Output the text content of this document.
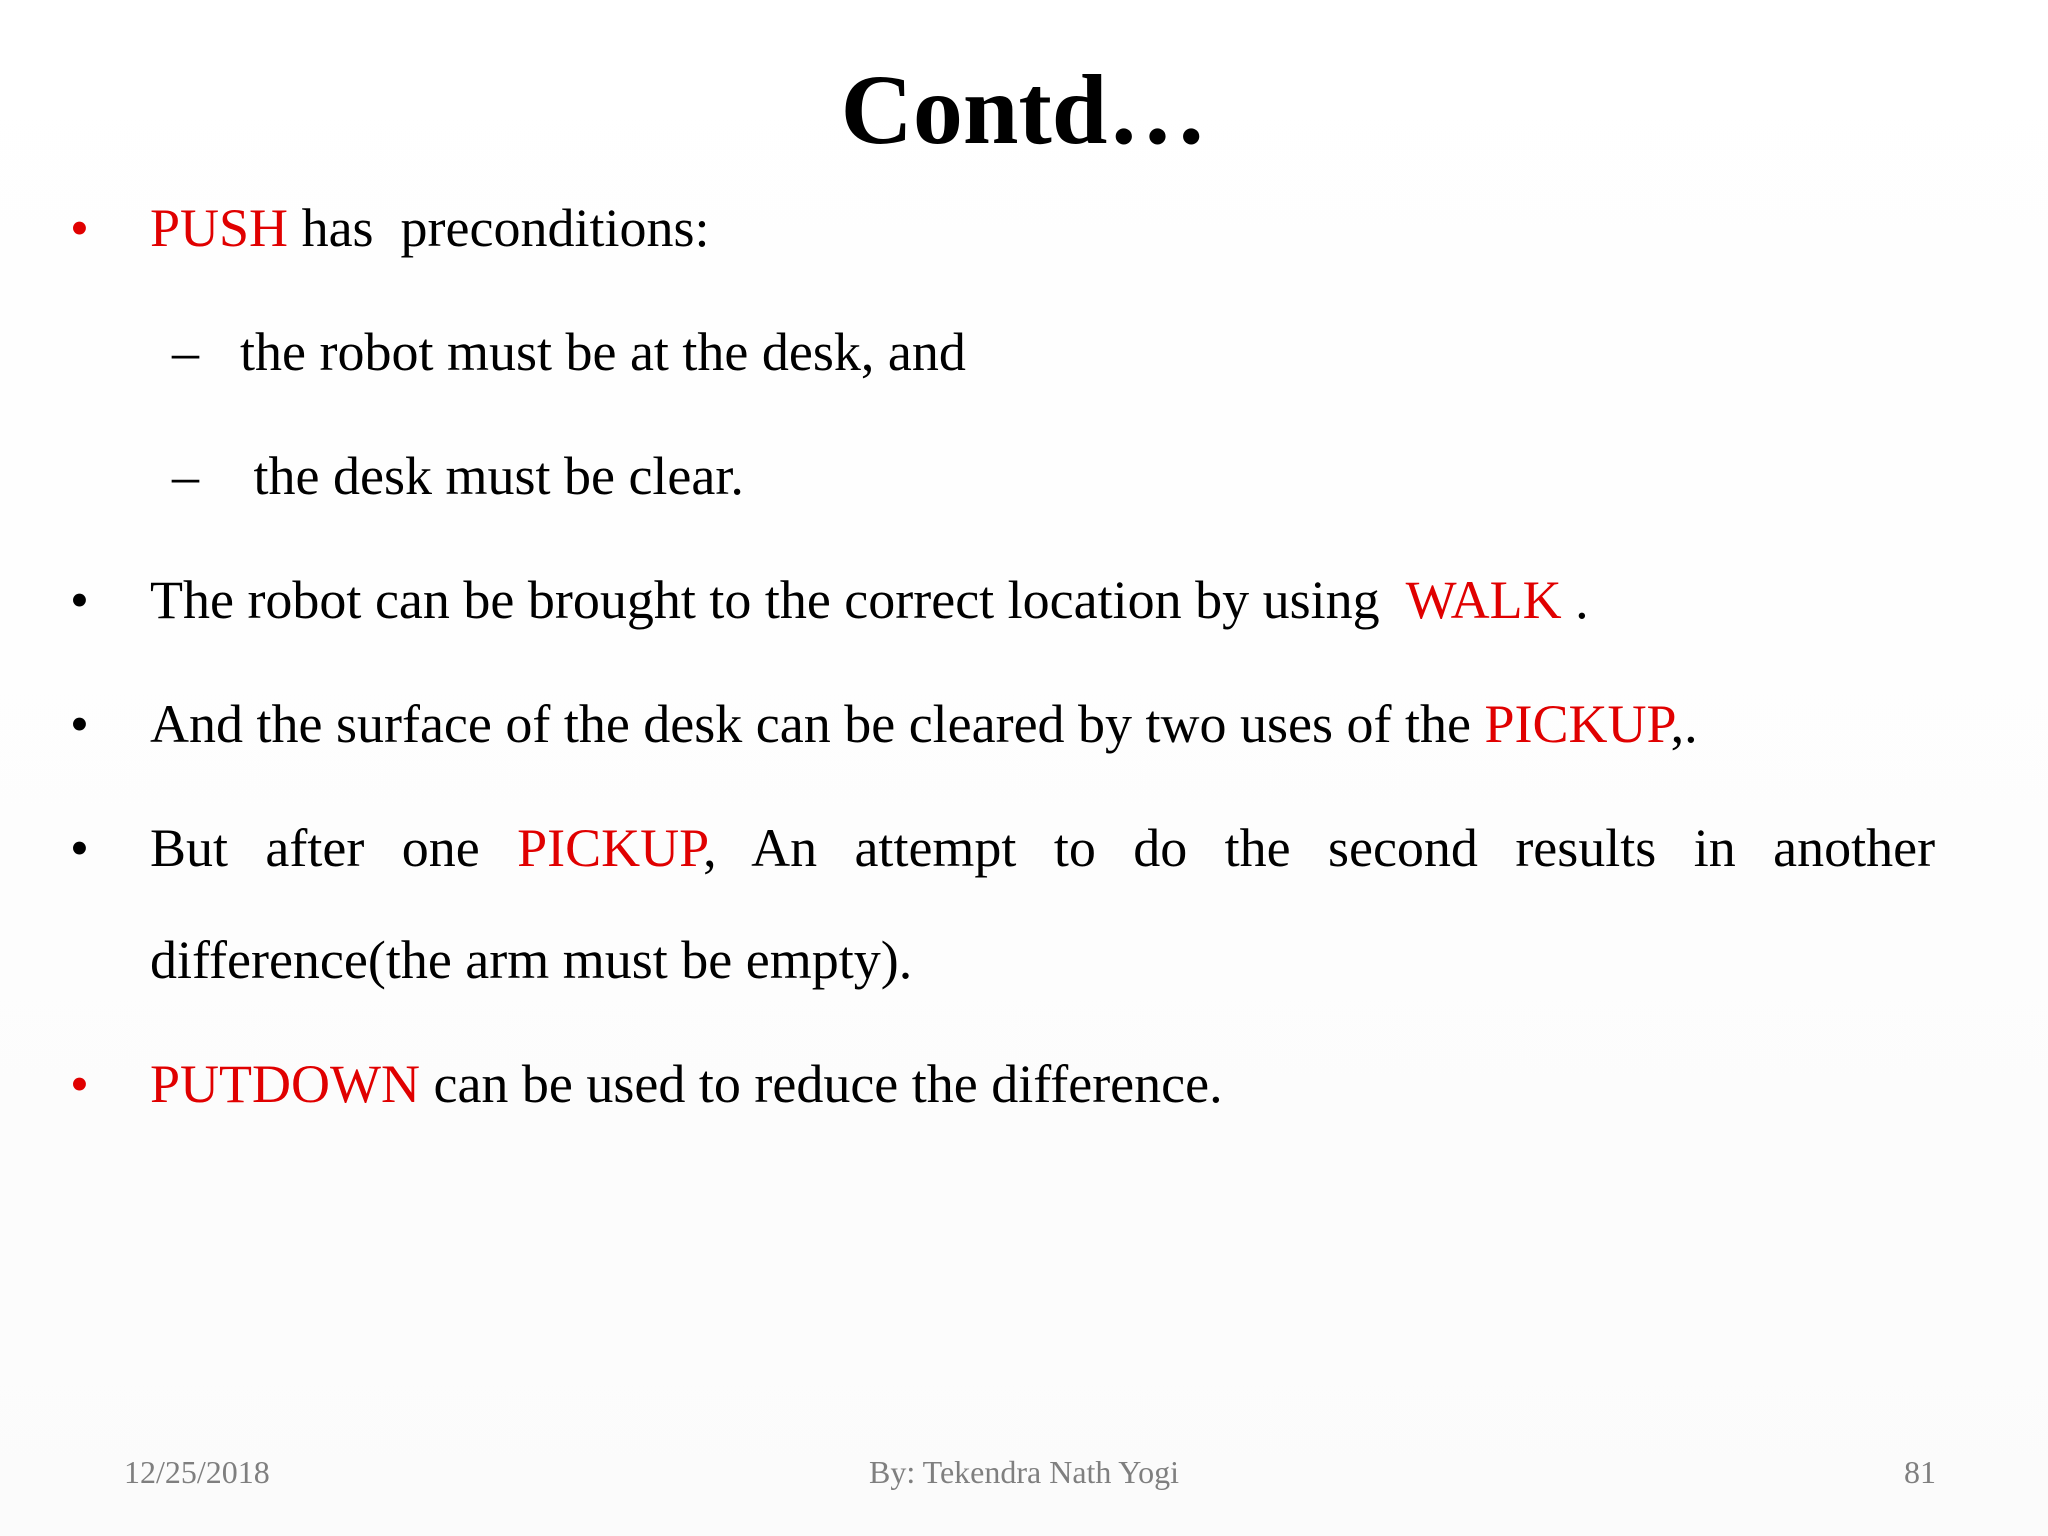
Contd…
• PUSH has  preconditions:
– the robot must be at the desk, and
– the desk must be clear.
• The robot can be brought to the correct location by using  WALK .
• And the surface of the desk can be cleared by two uses of the PICKUP,.
• But after one PICKUP, An attempt to do the second results in another
difference(the arm must be empty).
• PUTDOWN can be used to reduce the difference.
12/25/2018	By: Tekendra Nath Yogi	81
